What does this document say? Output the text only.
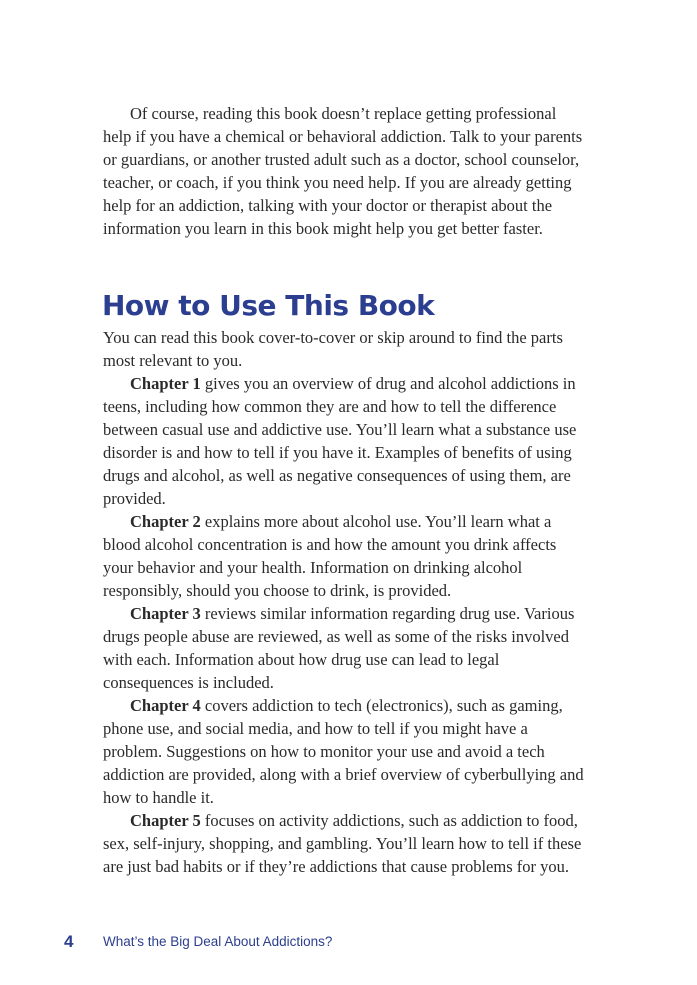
Of course, reading this book doesn’t replace getting professional help if you have a chemical or behavioral addiction. Talk to your parents or guardians, or another trusted adult such as a doctor, school counselor, teacher, or coach, if you think you need help. If you are already getting help for an addiction, talking with your doctor or therapist about the information you learn in this book might help you get better faster.

How to Use This Book

You can read this book cover-to-cover or skip around to find the parts most relevant to you.

Chapter 1 gives you an overview of drug and alcohol addictions in teens, including how common they are and how to tell the difference between casual use and addictive use. You’ll learn what a substance use disorder is and how to tell if you have it. Examples of benefits of using drugs and alcohol, as well as negative consequences of using them, are provided.

Chapter 2 explains more about alcohol use. You’ll learn what a blood alcohol concentration is and how the amount you drink affects your behavior and your health. Information on drinking alcohol responsibly, should you choose to drink, is provided.

Chapter 3 reviews similar information regarding drug use. Various drugs people abuse are reviewed, as well as some of the risks involved with each. Information about how drug use can lead to legal consequences is included.

Chapter 4 covers addiction to tech (electronics), such as gaming, phone use, and social media, and how to tell if you might have a problem. Suggestions on how to monitor your use and avoid a tech addiction are provided, along with a brief overview of cyberbullying and how to handle it.

Chapter 5 focuses on activity addictions, such as addiction to food, sex, self-injury, shopping, and gambling. You’ll learn how to tell if these are just bad habits or if they’re addictions that cause problems for you.

4 What’s the Big Deal About Addictions?
